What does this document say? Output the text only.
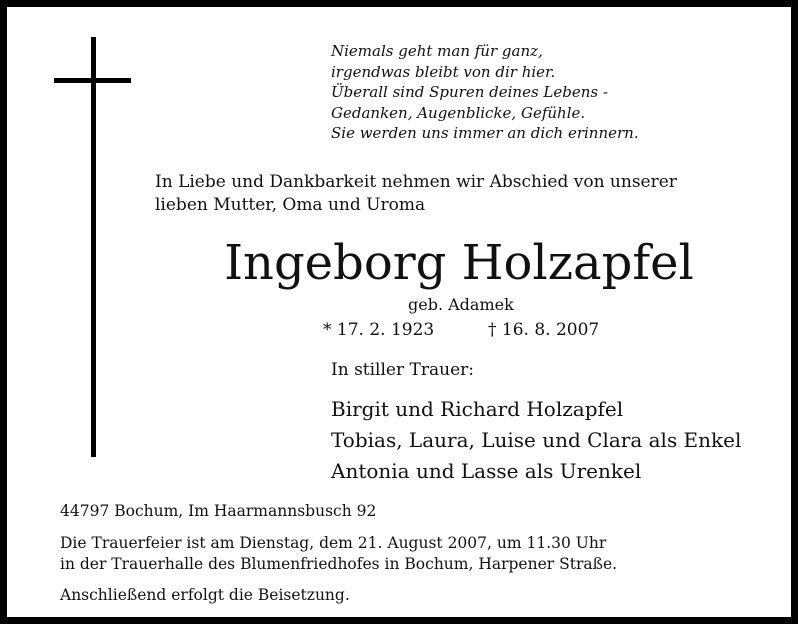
Niemals geht man für ganz,
irgendwas bleibt von dir hier.
Überall sind Spuren deines Lebens -
Gedanken, Augenblicke, Gefühle.
Sie werden uns immer an dich erinnern.
In Liebe und Dankbarkeit nehmen wir Abschied von unserer
lieben Mutter, Oma und Uroma
Ingeborg Holzapfel
geb. Adamek
* 17. 2. 1923	† 16. 8. 2007
In stiller Trauer:
Birgit und Richard Holzapfel
Tobias, Laura, Luise und Clara als Enkel
Antonia und Lasse als Urenkel
44797 Bochum, Im Haarmannsbusch 92
Die Trauerfeier ist am Dienstag, dem 21. August 2007, um 11.30 Uhr
in der Trauerhalle des Blumenfriedhofes in Bochum, Harpener Straße.
Anschließend erfolgt die Beisetzung.
